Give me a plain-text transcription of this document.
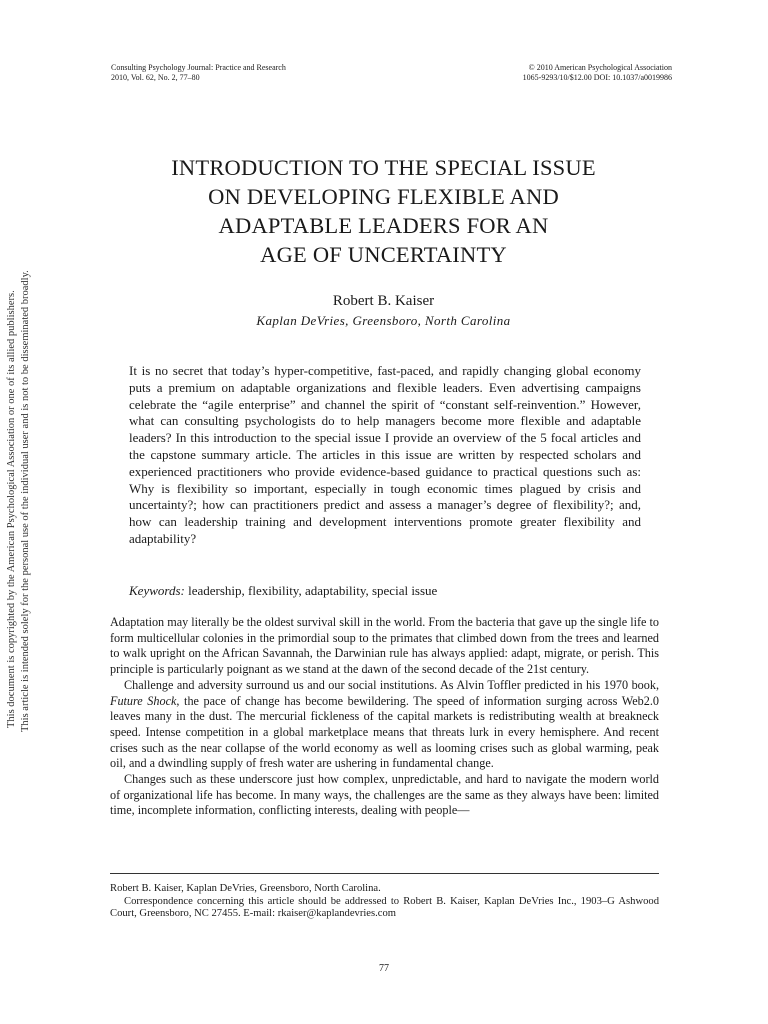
Consulting Psychology Journal: Practice and Research
2010, Vol. 62, No. 2, 77–80
© 2010 American Psychological Association
1065-9293/10/$12.00 DOI: 10.1037/a0019986
INTRODUCTION TO THE SPECIAL ISSUE
ON DEVELOPING FLEXIBLE AND
ADAPTABLE LEADERS FOR AN
AGE OF UNCERTAINTY
Robert B. Kaiser
Kaplan DeVries, Greensboro, North Carolina

It is no secret that today’s hyper-competitive, fast-paced, and rapidly changing global economy puts a premium on adaptable organizations and flexible leaders. Even advertising campaigns celebrate the “agile enterprise” and channel the spirit of “constant self-reinvention.” However, what can consulting psychologists do to help managers become more flexible and adaptable leaders? In this introduction to the special issue I provide an overview of the 5 focal articles and the capstone summary article. The articles in this issue are written by respected scholars and experienced practitioners who provide evidence-based guidance to practical questions such as: Why is flexibility so important, especially in tough economic times plagued by crisis and uncertainty?; how can practitioners predict and assess a manager’s degree of flexibility?; and, how can leadership training and development interventions promote greater flexibility and adaptability?

Keywords: leadership, flexibility, adaptability, special issue

Adaptation may literally be the oldest survival skill in the world. From the bacteria that gave up the single life to form multicellular colonies in the primordial soup to the primates that climbed down from the trees and learned to walk upright on the African Savannah, the Darwinian rule has always applied: adapt, migrate, or perish. This principle is particularly poignant as we stand at the dawn of the second decade of the 21st century.

Challenge and adversity surround us and our social institutions. As Alvin Toffler predicted in his 1970 book, Future Shock, the pace of change has become bewildering. The speed of information surging across Web2.0 leaves many in the dust. The mercurial fickleness of the capital markets is redistributing wealth at breakneck speed. Intense competition in a global marketplace means that threats lurk in every hemisphere. And recent crises such as the near collapse of the world economy as well as looming crises such as global warming, peak oil, and a dwindling supply of fresh water are ushering in fundamental change.

Changes such as these underscore just how complex, unpredictable, and hard to navigate the modern world of organizational life has become. In many ways, the challenges are the same as they always have been: limited time, incomplete information, conflicting interests, dealing with people—

Robert B. Kaiser, Kaplan DeVries, Greensboro, North Carolina.

Correspondence concerning this article should be addressed to Robert B. Kaiser, Kaplan DeVries Inc., 1903–G Ashwood Court, Greensboro, NC 27455. E-mail: rkaiser@kaplandevries.com

77
This document is copyrighted by the American Psychological Association or one of its allied publishers. This article is intended solely for the personal use of the individual user and is not to be disseminated broadly.
